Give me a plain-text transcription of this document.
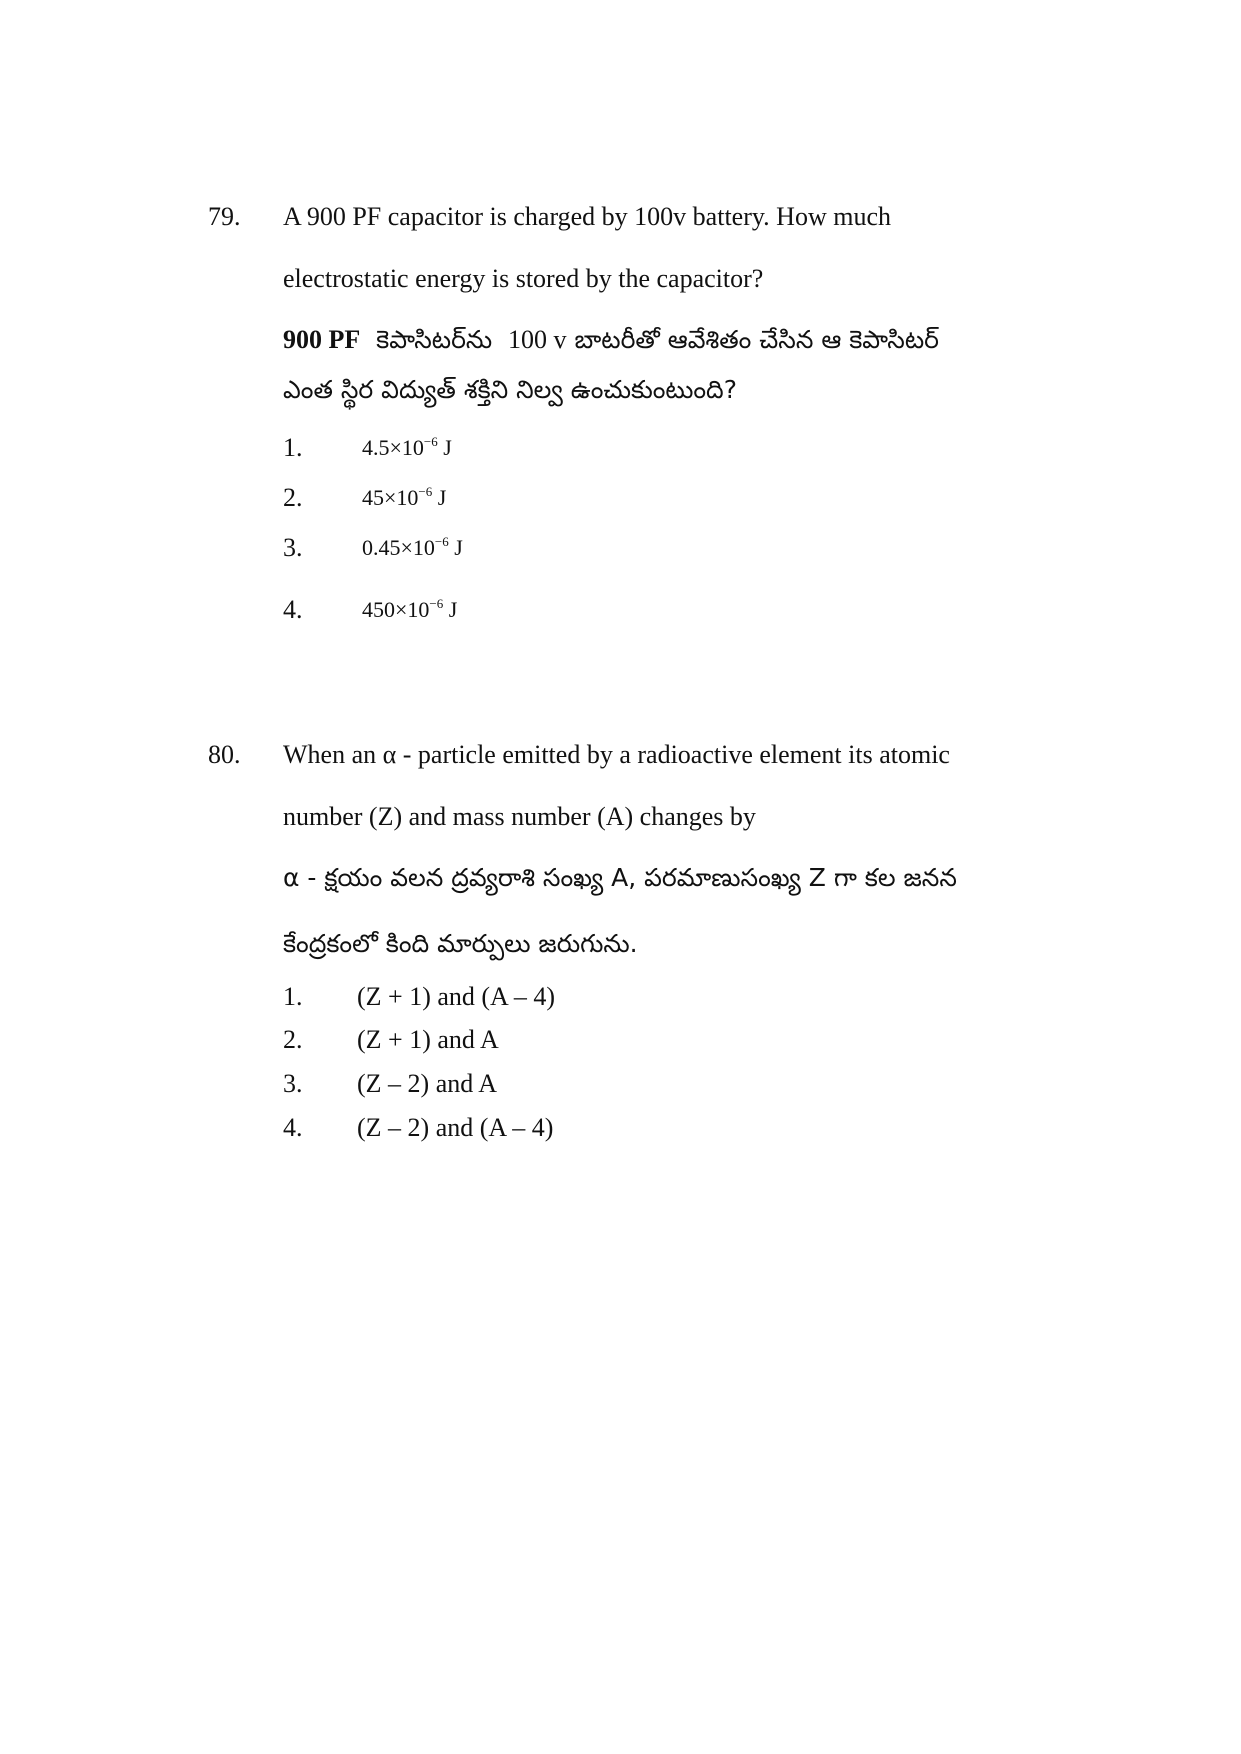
79. A 900 PF capacitor is charged by 100v battery. How much
electrostatic energy is stored by the capacitor?
900 PF కెపాసిటర్‌ను 100 v బాటరీతో ఆవేశితం చేసిన ఆ కెపాసిటర్
ఎంత స్థిర విద్యుత్ శక్తిని నిల్వ ఉంచుకుంటుంది?
1.	$4.5\times 10^{-6}$ J
2.	$45\times 10^{-6}$ J
3.	$0.45\times 10^{-6}$ J
4.	$450\times 10^{-6}$ J
80. When an α - particle emitted by a radioactive element its atomic
number (Z) and mass number (A) changes by
α - క్షయం వలన ద్రవ్యరాశి సంఖ్య A, పరమాణుసంఖ్య Z గా కల జనన
కేంద్రకంలో కింది మార్పులు జరుగును.
1. (Z + 1) and (A – 4)
2. (Z + 1) and A
3. (Z – 2) and A
4. (Z – 2) and (A – 4)
